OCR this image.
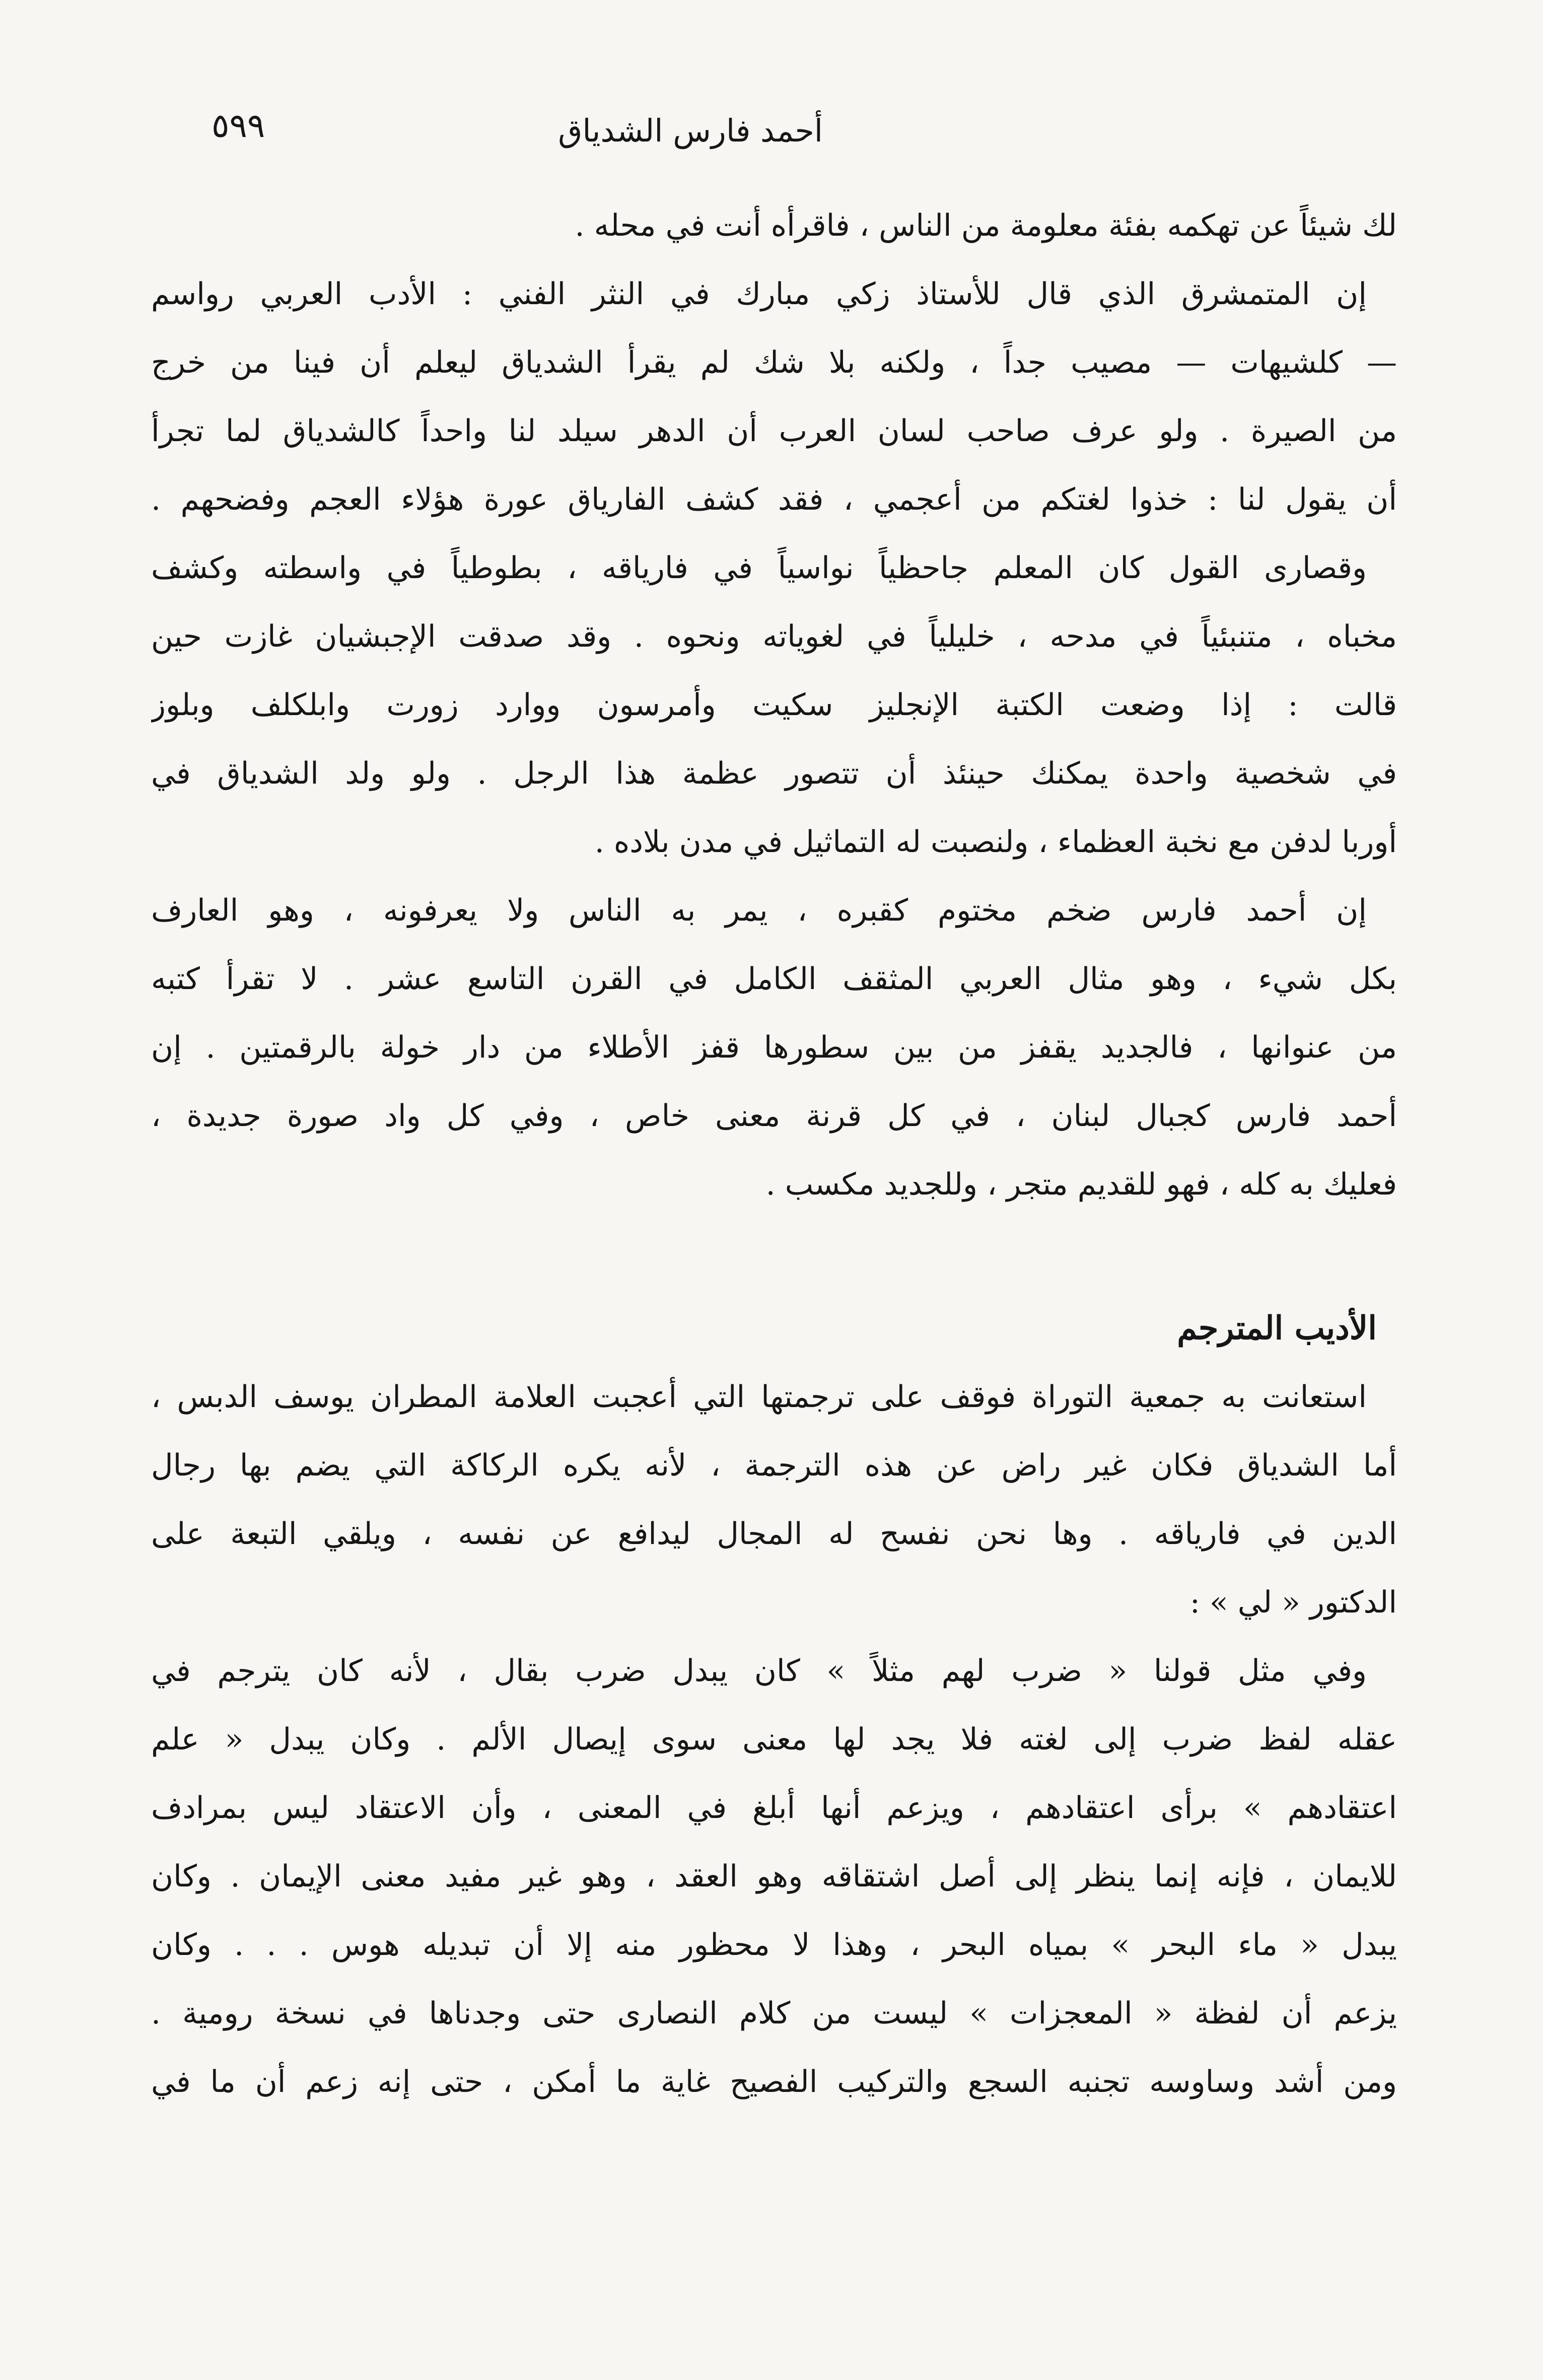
أحمد فارس الشدياق
٥٩٩
لك شيئاً عن تهكمه بفئة معلومة من الناس ، فاقرأه أنت في محله .
إن المتمشرق الذي قال للأستاذ زكي مبارك في النثر الفني : الأدب العربي رواسم
— كلشيهات — مصيب جداً ، ولكنه بلا شك لم يقرأ الشدياق ليعلم أن فينا من خرج
من الصيرة . ولو عرف صاحب لسان العرب أن الدهر سيلد لنا واحداً كالشدياق لما تجرأ
أن يقول لنا : خذوا لغتكم من أعجمي ، فقد كشف الفارياق عورة هؤلاء العجم وفضحهم .
وقصارى القول كان المعلم جاحظياً نواسياً في فارياقه ، بطوطياً في واسطته وكشف
مخباه ، متنبئياً في مدحه ، خليلياً في لغوياته ونحوه . وقد صدقت الإجبشيان غازت حين
قالت : إذا وضعت الكتبة الإنجليز سكيت وأمرسون ووارد زورت وابلكلف وبلوز
في شخصية واحدة يمكنك حينئذ أن تتصور عظمة هذا الرجل . ولو ولد الشدياق في
أوربا لدفن مع نخبة العظماء ، ولنصبت له التماثيل في مدن بلاده .
إن أحمد فارس ضخم مختوم كقبره ، يمر به الناس ولا يعرفونه ، وهو العارف
بكل شيء ، وهو مثال العربي المثقف الكامل في القرن التاسع عشر . لا تقرأ كتبه
من عنوانها ، فالجديد يقفز من بين سطورها قفز الأطلاء من دار خولة بالرقمتين . إن
أحمد فارس كجبال لبنان ، في كل قرنة معنى خاص ، وفي كل واد صورة جديدة ،
فعليك به كله ، فهو للقديم متجر ، وللجديد مكسب .
الأديب المترجم
استعانت به جمعية التوراة فوقف على ترجمتها التي أعجبت العلامة المطران يوسف الدبس ،
أما الشدياق فكان غير راض عن هذه الترجمة ، لأنه يكره الركاكة التي يضم بها رجال
الدين في فارياقه . وها نحن نفسح له المجال ليدافع عن نفسه ، ويلقي التبعة على
الدكتور « لي » :
وفي مثل قولنا « ضرب لهم مثلاً » كان يبدل ضرب بقال ، لأنه كان يترجم في
عقله لفظ ضرب إلى لغته فلا يجد لها معنى سوى إيصال الألم . وكان يبدل « علم
اعتقادهم » برأى اعتقادهم ، ويزعم أنها أبلغ في المعنى ، وأن الاعتقاد ليس بمرادف
للايمان ، فإنه إنما ينظر إلى أصل اشتقاقه وهو العقد ، وهو غير مفيد معنى الإيمان . وكان
يبدل « ماء البحر » بمياه البحر ، وهذا لا محظور منه إلا أن تبديله هوس . . . وكان
يزعم أن لفظة « المعجزات » ليست من كلام النصارى حتى وجدناها في نسخة رومية .
ومن أشد وساوسه تجنبه السجع والتركيب الفصيح غاية ما أمكن ، حتى إنه زعم أن ما في
